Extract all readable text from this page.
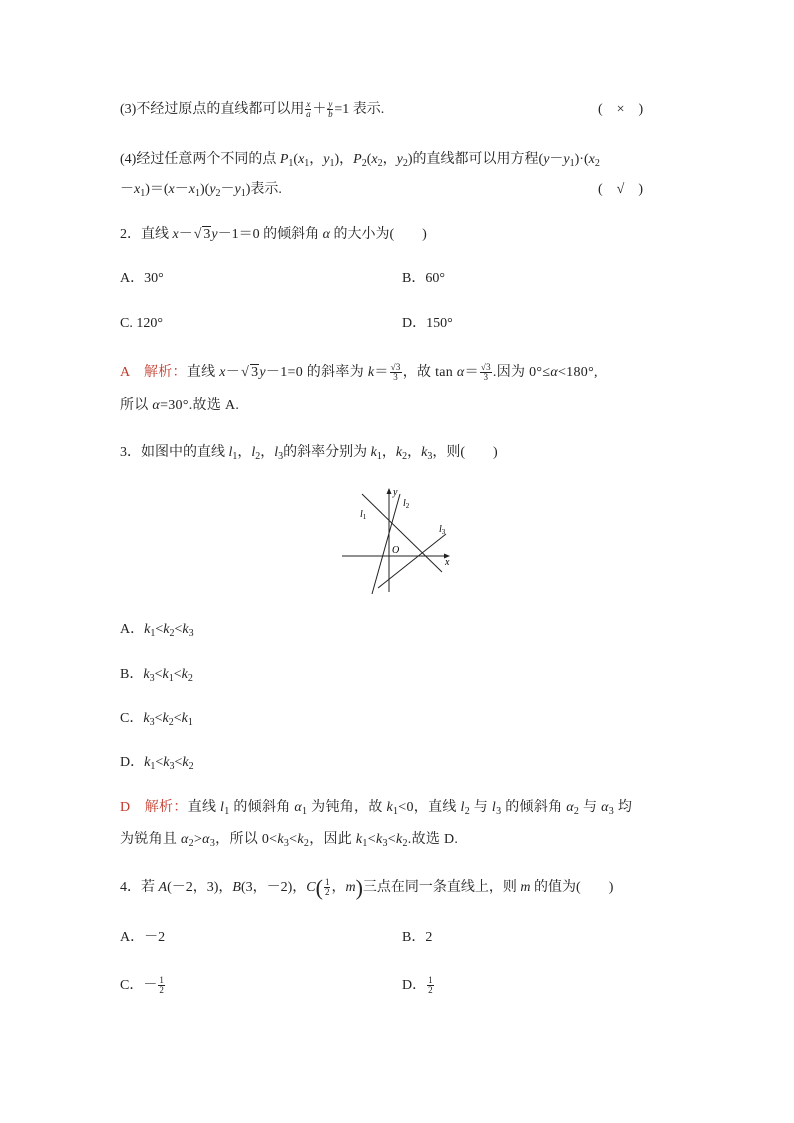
(3)不经过原点的直线都可以用 $\frac{x}{a} + \frac{y}{b} =1$ 表示.	(　×　)
(4)经过任意两个不同的点 $P_1(x_1$，$y_1$)，$P_2(x_2$，$y_2$)的直线都可以用方程$(y-y_1)\cdot(x_2$
$-x_1)=(x-x_1)(y_2-y_1)$表示.	(　√　)
2．直线 x－√ 3y－1＝0 的倾斜角 α 的大小为(　　)
A．30°	B．60°
C. 120°	D．150°
A　 解析：直线 x－√ 3y－1=0 的斜率为 $k= \frac{√3}{3}$ ，故 $\tan \alpha= \frac{√3}{3}$ .因为 0°≤α<180°,
所以 α=30°.故选 A.
3．如图中的直线 $l_1$，$l_2$，$l_3$的斜率分别为 $k_1$，$k_2$，$k_3$，则(　　)
y
x
O
$l_1$
$l_2$
$l_3$
A．$k_1<k_2<k_3$
B．$k_3<k_1<k_2$
C．$k_3<k_2<k_1$
D．$k_1<k_3<k_2$
D　 解析：直线 $l_1$ 的倾斜角 $\alpha_1$ 为钝角，故 $k_1<0$，直线 $l_2$ 与 $l_3$ 的倾斜角 $\alpha_2$ 与 $\alpha_3$ 均
为锐角且 $\alpha_2>\alpha_3$，所以 $0<k_3<k_2$，因此 $k_1<k_3<k_2$.故选 D.
4．若 A(－2，3)，B(3，－2)，$C( \frac{1}{2}$ ，m)三点在同一条直线上，则 m 的值为(　　)
A．－2	B．2
C．－ $\frac{1}{2}$	D． $\frac{1}{2}$
